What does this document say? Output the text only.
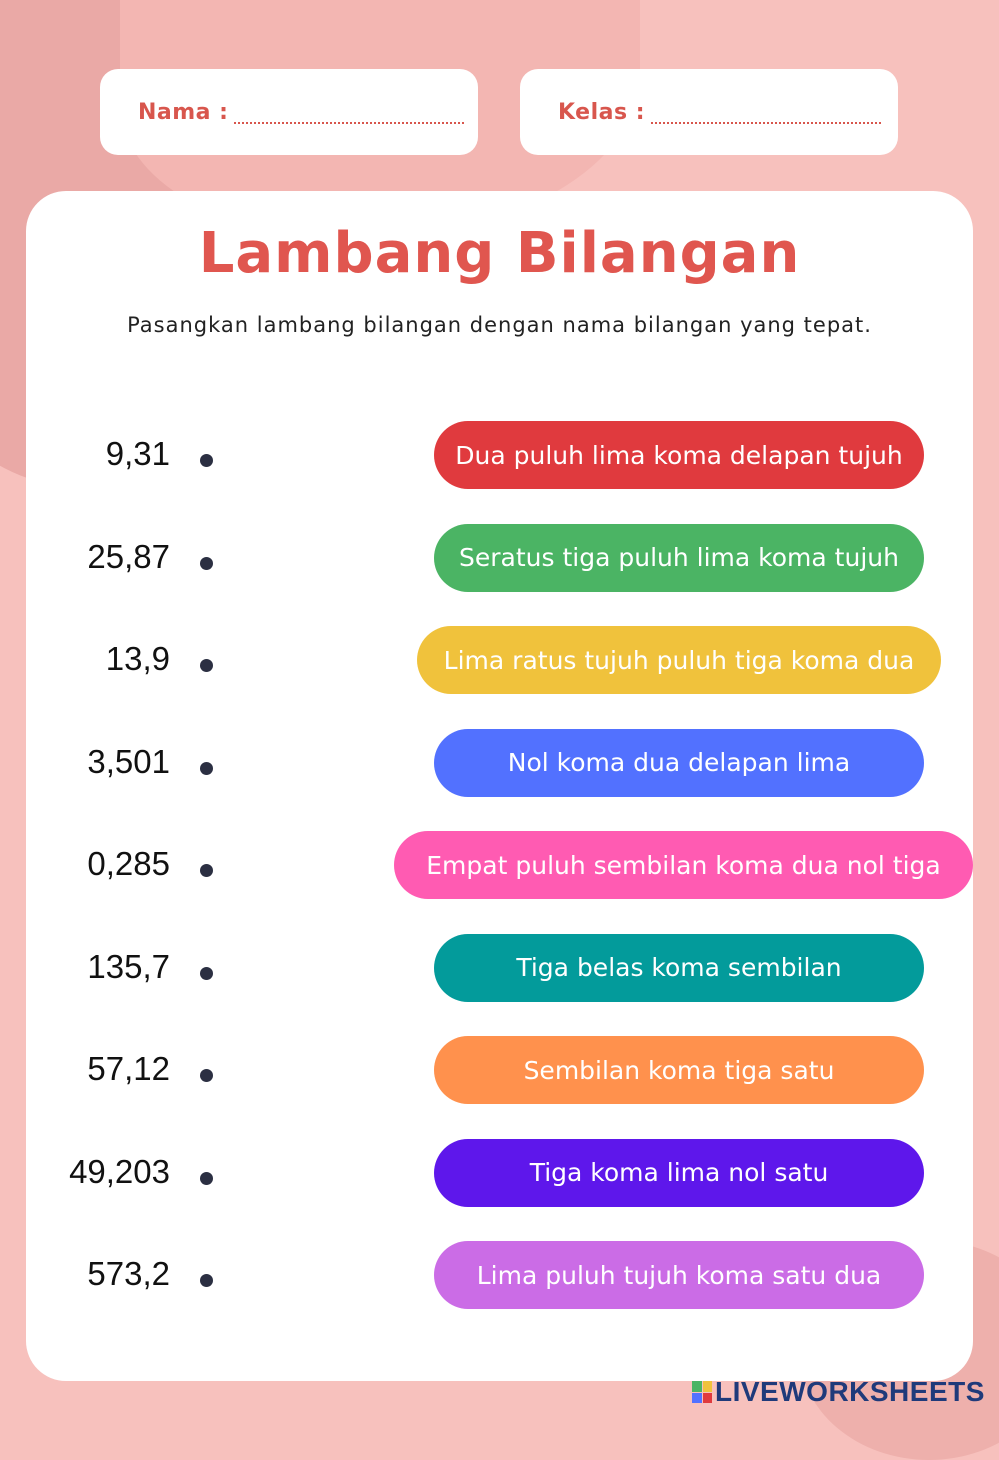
Nama :	Kelas :
Lambang Bilangan
Pasangkan lambang bilangan dengan nama bilangan yang tepat.
9,31
25,87
13,9
3,501
0,285
135,7
57,12
49,203
573,2
Dua puluh lima koma delapan tujuh
Seratus tiga puluh lima koma tujuh
Lima ratus tujuh puluh tiga koma dua
Nol koma dua delapan lima
Empat puluh sembilan koma dua nol tiga
Tiga belas koma sembilan
Sembilan koma tiga satu
Tiga koma lima nol satu
Lima puluh tujuh koma satu dua
LIVEWORKSHEETS
